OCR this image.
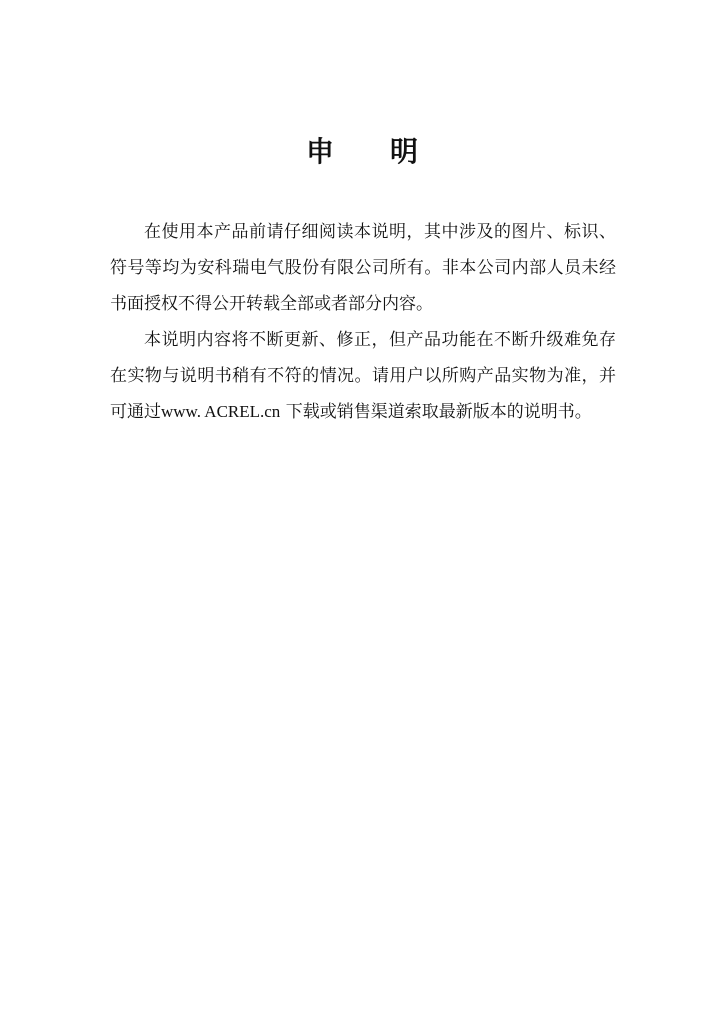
申 明

在使用本产品前请仔细阅读本说明，其中涉及的图片、标识、符号等均为安科瑞电气股份有限公司所有。非本公司内部人员未经书面授权不得公开转载全部或者部分内容。

本说明内容将不断更新、修正，但产品功能在不断升级难免存在实物与说明书稍有不符的情况。请用户以所购产品实物为准，并可通过www. ACREL.cn 下载或销售渠道索取最新版本的说明书。
